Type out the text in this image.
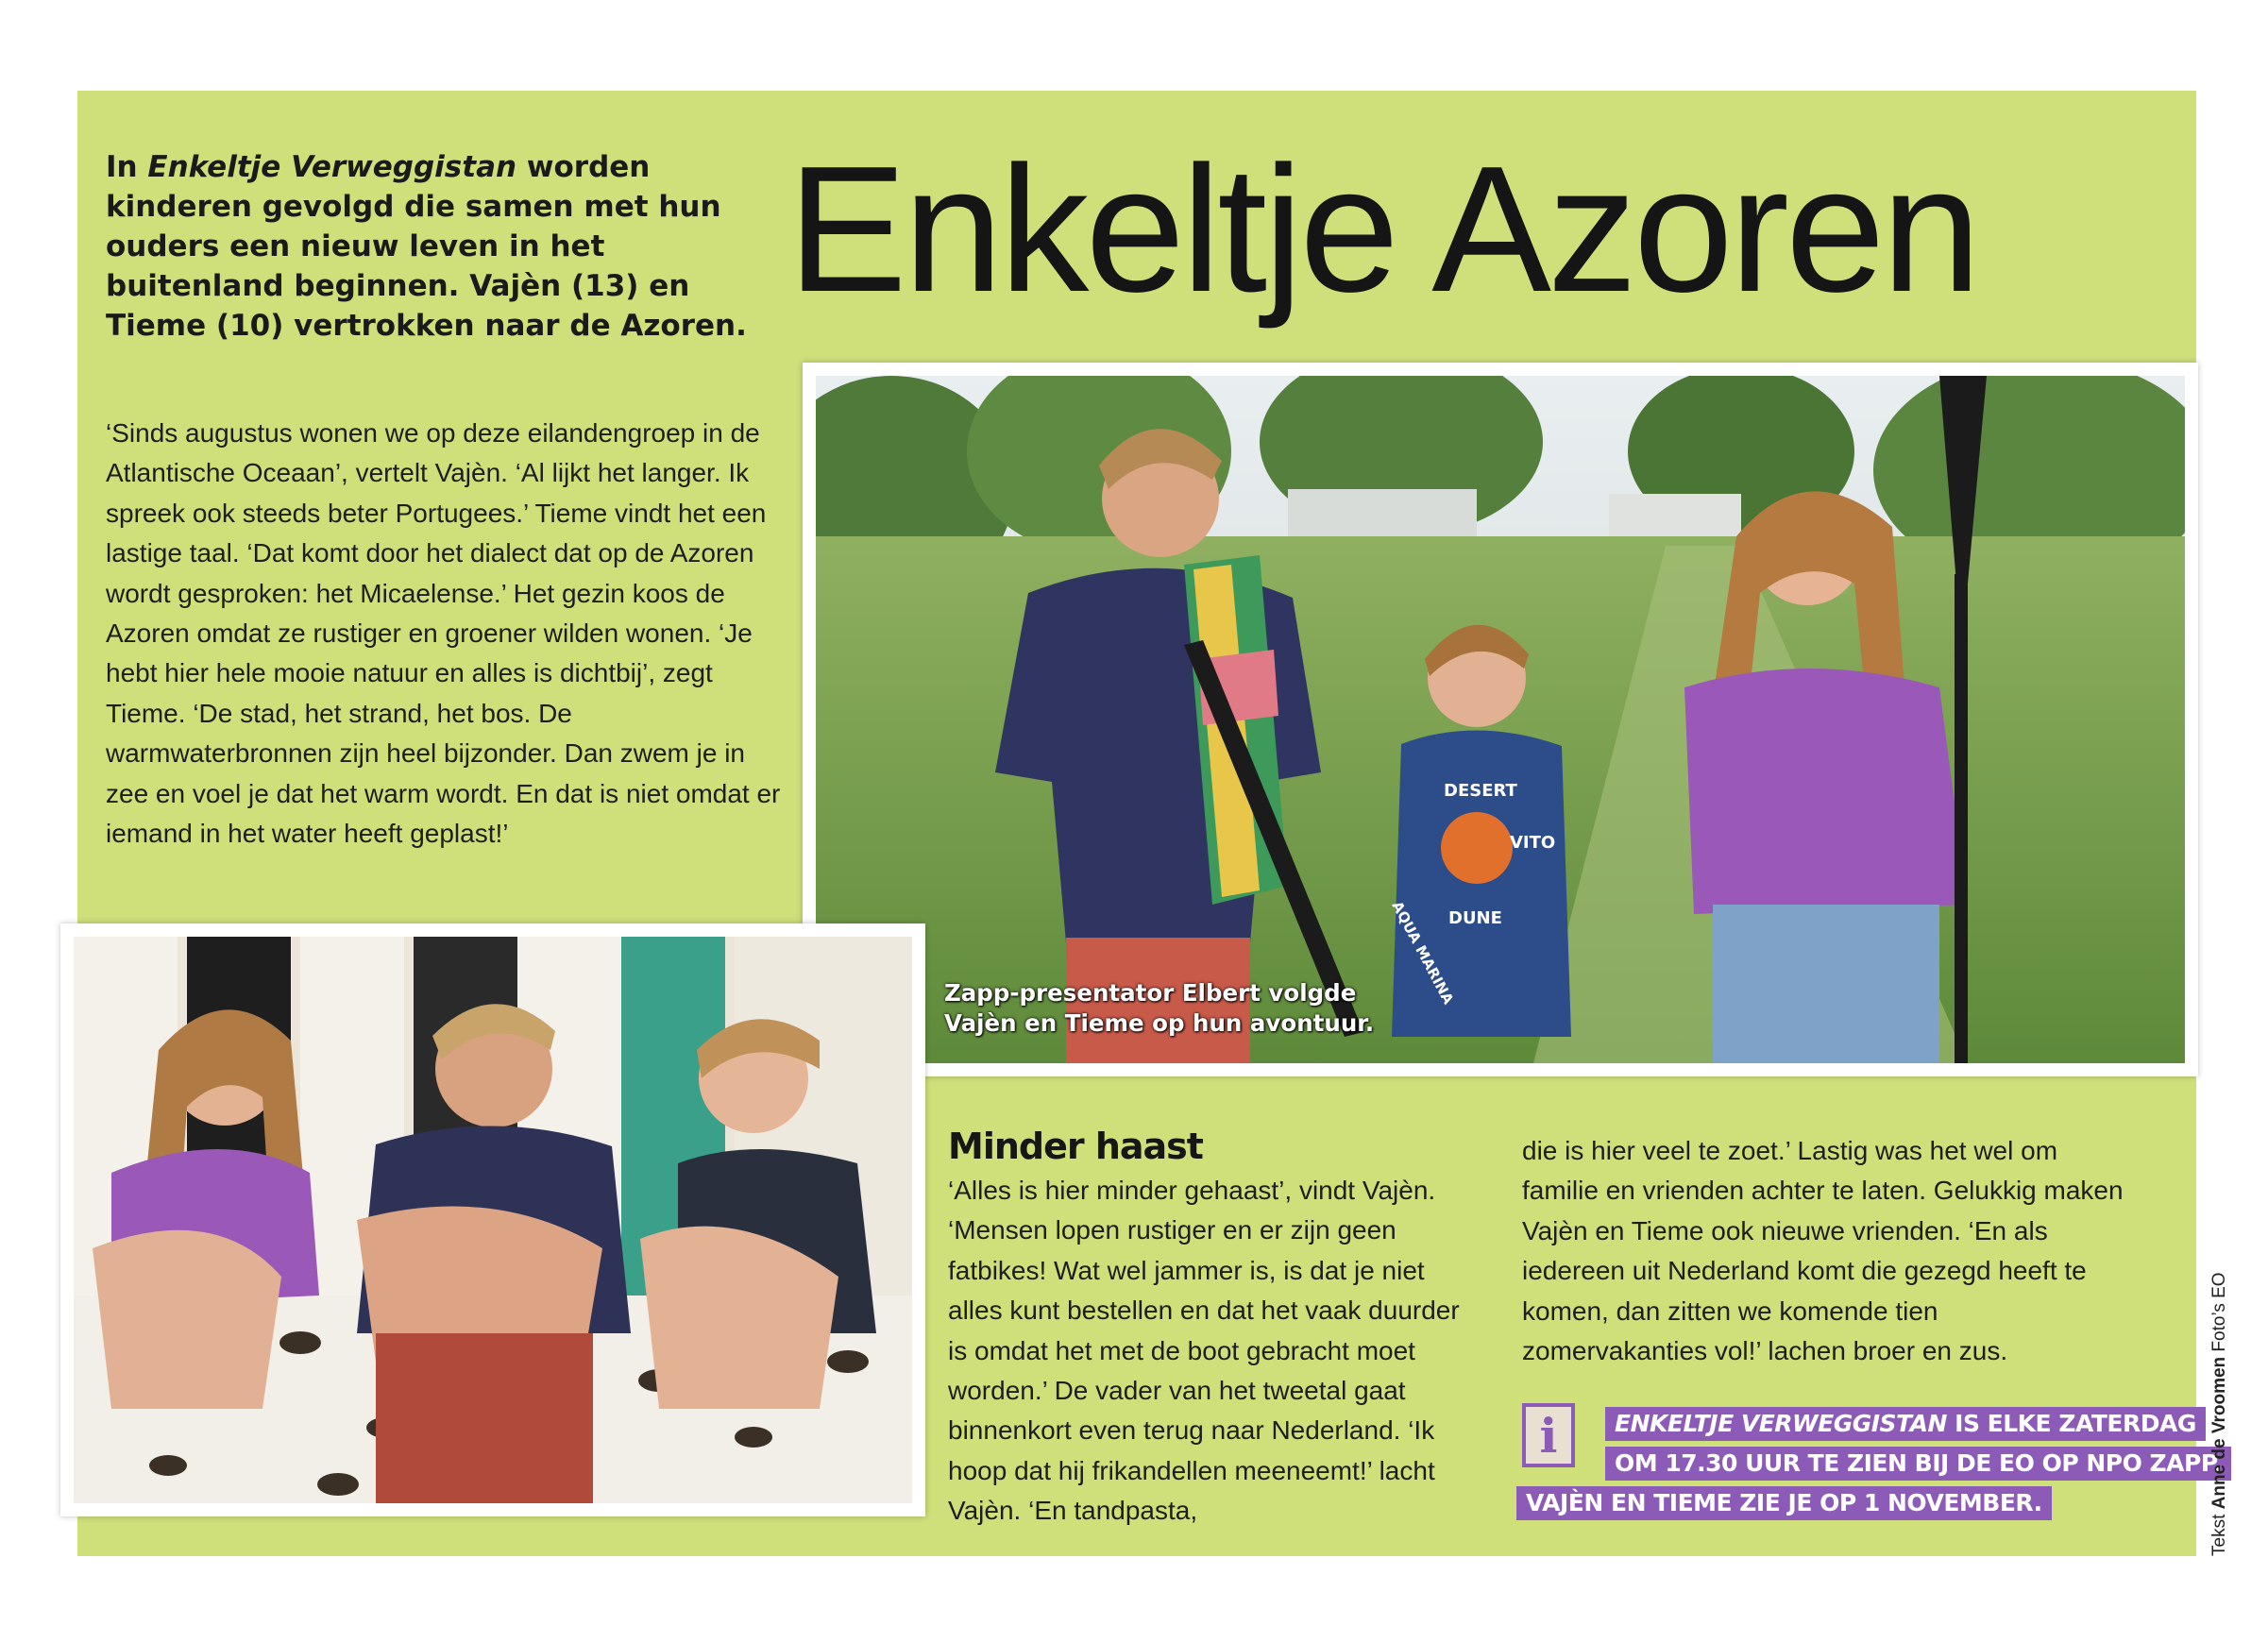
In Enkeltje Verweggistan worden kinderen gevolgd die samen met hun ouders een nieuw leven in het buitenland beginnen. Vajèn (13) en Tieme (10) vertrokken naar de Azoren. Enkeltje Azoren

‘Sinds augustus wonen we op deze eilandengroep in de Atlantische Oceaan’, vertelt Vajèn. ‘Al lijkt het langer. Ik spreek ook steeds beter Portugees.’ Tieme vindt het een lastige taal. ‘Dat komt door het dialect dat op de Azoren wordt gesproken: het Micaelense.’ Het gezin koos de Azoren omdat ze rustiger en groener wilden wonen. ‘Je hebt hier hele mooie natuur en alles is dichtbij’, zegt Tieme. ‘De stad, het strand, het bos. De warmwaterbronnen zijn heel bijzonder. Dan zwem je in zee en voel je dat het warm wordt. En dat is niet omdat er iemand in het water heeft geplast!’

DESERT
VITO
DUNE
AQUA MARINA

Zapp-presentator Elbert volgde Vajèn en Tieme op hun avontuur.

Minder haast

‘Alles is hier minder gehaast’, vindt Vajèn. ‘Mensen lopen rustiger en er zijn geen fatbikes! Wat wel jammer is, is dat je niet alles kunt bestellen en dat het vaak duurder is omdat het met de boot gebracht moet worden.’ De vader van het tweetal gaat binnenkort even terug naar Nederland. ‘Ik hoop dat hij frikandellen meeneemt!’ lacht Vajèn. ‘En tandpasta,

die is hier veel te zoet.’ Lastig was het wel om familie en vrienden achter te laten. Gelukkig maken Vajèn en Tieme ook nieuwe vrienden. ‘En als iedereen uit Nederland komt die gezegd heeft te komen, dan zitten we komende tien zomervakanties vol!’ lachen broer en zus.

i	ENKELTJE VERWEGGISTAN IS ELKE ZATERDAG
OM 17.30 UUR TE ZIEN BIJ DE EO OP NPO ZAPP.
VAJÈN EN TIEME ZIE JE OP 1 NOVEMBER.
Tekst Anne de Vroomen Foto’s EO
